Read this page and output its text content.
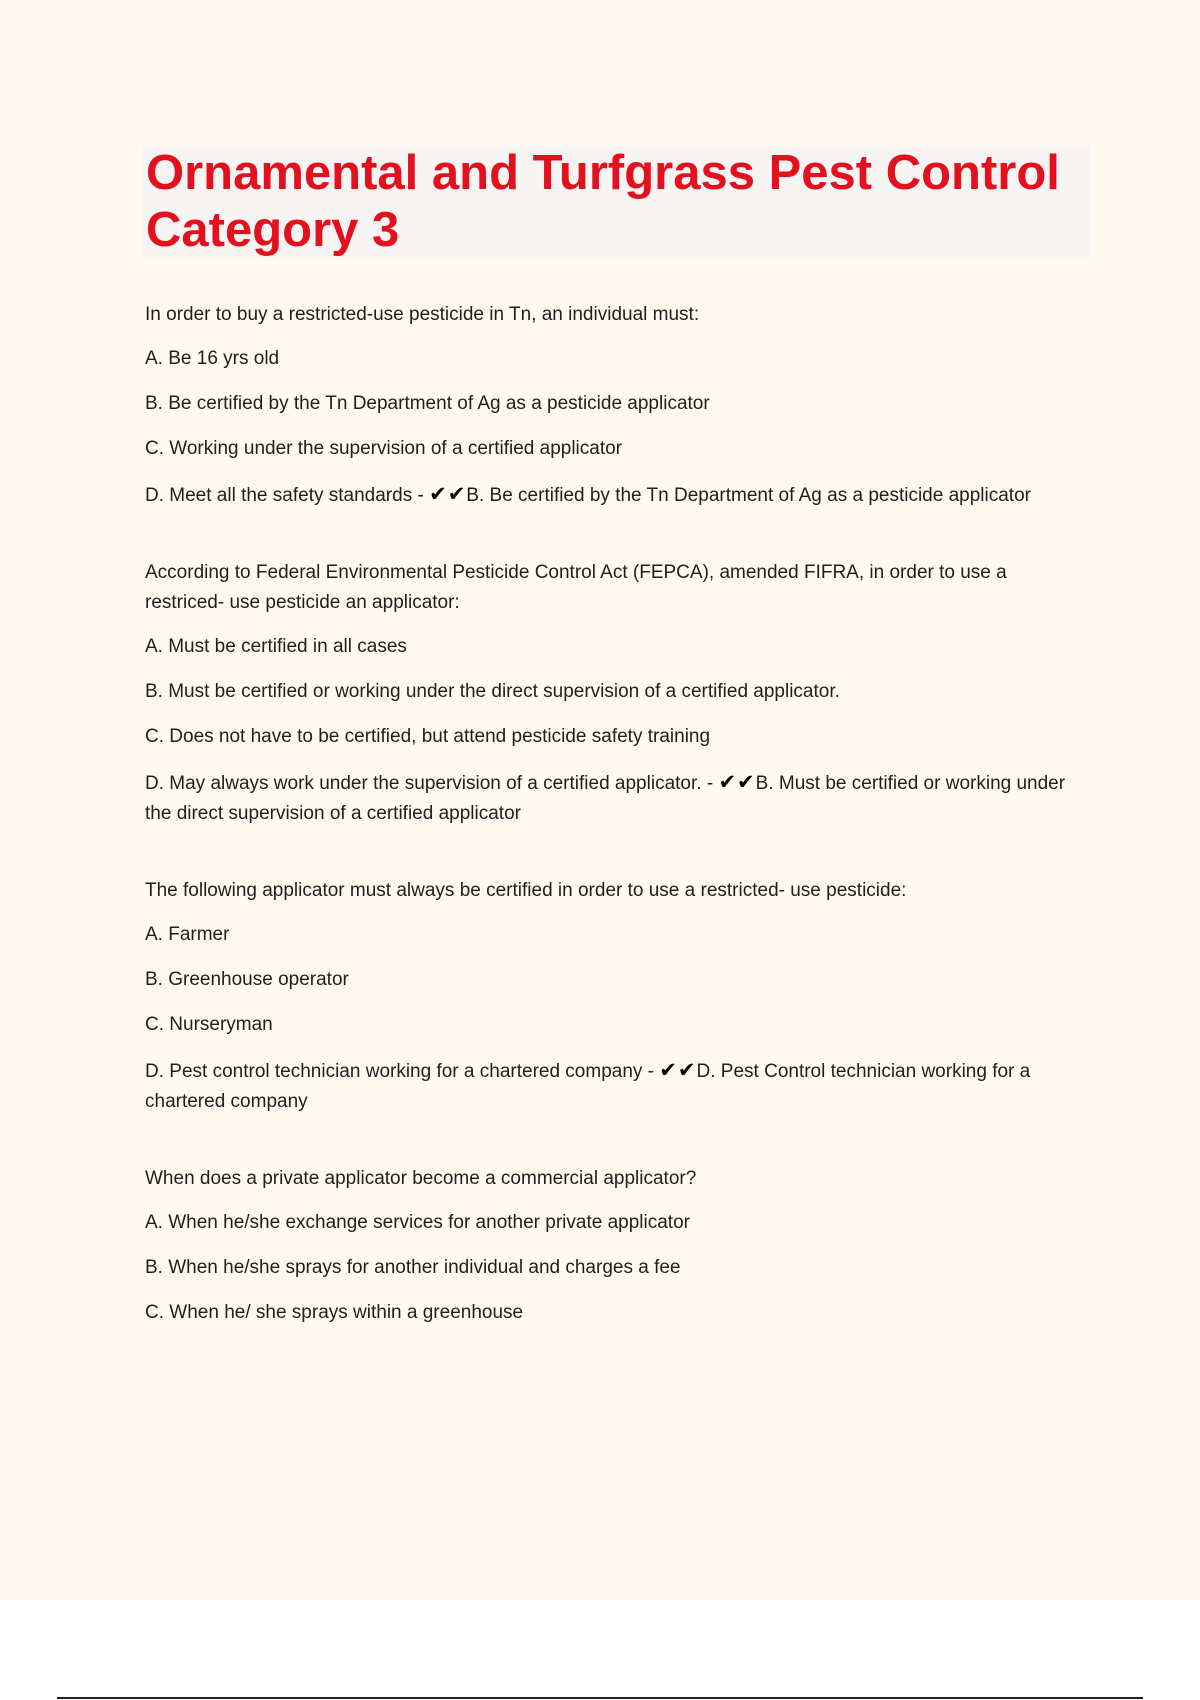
Ornamental and Turfgrass Pest Control Category 3

In order to buy a restricted-use pesticide in Tn, an individual must:

A. Be 16 yrs old

B. Be certified by the Tn Department of Ag as a pesticide applicator

C. Working under the supervision of a certified applicator

D. Meet all the safety standards - ✔✔B. Be certified by the Tn Department of Ag as a pesticide applicator

According to Federal Environmental Pesticide Control Act (FEPCA), amended FIFRA, in order to use a restriced- use pesticide an applicator:

A. Must be certified in all cases

B. Must be certified or working under the direct supervision of a certified applicator.

C. Does not have to be certified, but attend pesticide safety training

D. May always work under the supervision of a certified applicator. - ✔✔B. Must be certified or working under the direct supervision of a certified applicator

The following applicator must always be certified in order to use a restricted- use pesticide:

A. Farmer

B. Greenhouse operator

C. Nurseryman

D. Pest control technician working for a chartered company - ✔✔D. Pest Control technician working for a chartered company

When does a private applicator become a commercial applicator?

A. When he/she exchange services for another private applicator

B. When he/she sprays for another individual and charges a fee

C. When he/ she sprays within a greenhouse
